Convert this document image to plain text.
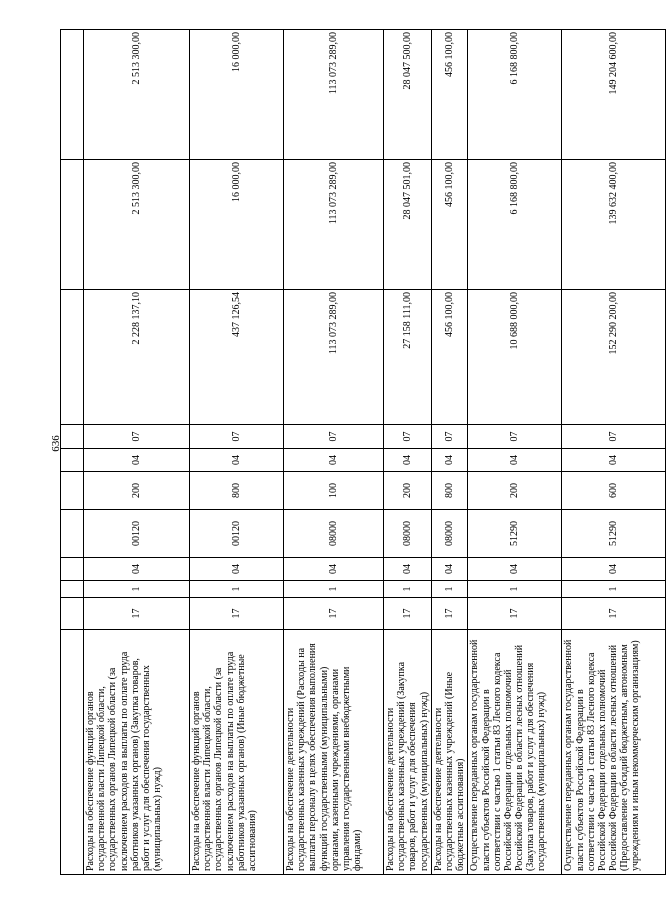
636

Расходы на обеспечение функций органов государственной власти Липецкой области, государственных органов Липецкой области (за исключением расходов на выплаты по оплате труда работников указанных органов) (Закупка товаров, работ и услуг для обеспечения государственных (муниципальных) нужд)	17	1	04	00120	200	04	07	2 228 137,10	2 513 300,00	2 513 300,00
Расходы на обеспечение функций органов государственной власти Липецкой области, государственных органов Липецкой области (за исключением расходов на выплаты по оплате труда работников указанных органов) (Иные бюджетные ассигнования)	17	1	04	00120	800	04	07	437 126,54	16 000,00	16 000,00
Расходы на обеспечение деятельности государственных казенных учреждений (Расходы на выплаты персоналу в целях обеспечения выполнения функций государственными (муниципальными) органами, казенными учреждениями, органами управления государственными внебюджетными фондами)	17	1	04	08000	100	04	07	113 073 289,00	113 073 289,00	113 073 289,00
Расходы на обеспечение деятельности государственных казенных учреждений (Закупка товаров, работ и услуг для обеспечения государственных (муниципальных) нужд)	17	1	04	08000	200	04	07	27 158 111,00	28 047 501,00	28 047 500,00
Расходы на обеспечение деятельности государственных казенных учреждений (Иные бюджетные ассигнования)	17	1	04	08000	800	04	07	456 100,00	456 100,00	456 100,00
Осуществление переданных органам государственной власти субъектов Российской Федерации в соответствии с частью 1 статьи 83 Лесного кодекса Российской Федерации отдельных полномочий Российской Федерации в области лесных отношений (Закупка товаров, работ и услуг для обеспечения государственных (муниципальных) нужд)	17	1	04	51290	200	04	07	10 688 000,00	6 168 800,00	6 168 800,00
Осуществление переданных органам государственной власти субъектов Российской Федерации в соответствии с частью 1 статьи 83 Лесного кодекса Российской Федерации отдельных полномочий Российской Федерации в области лесных отношений (Предоставление субсидий бюджетным, автономным учреждениям и иным некоммерческим организациям)	17	1	04	51290	600	04	07	152 290 200,00	139 632 400,00	149 204 600,00
